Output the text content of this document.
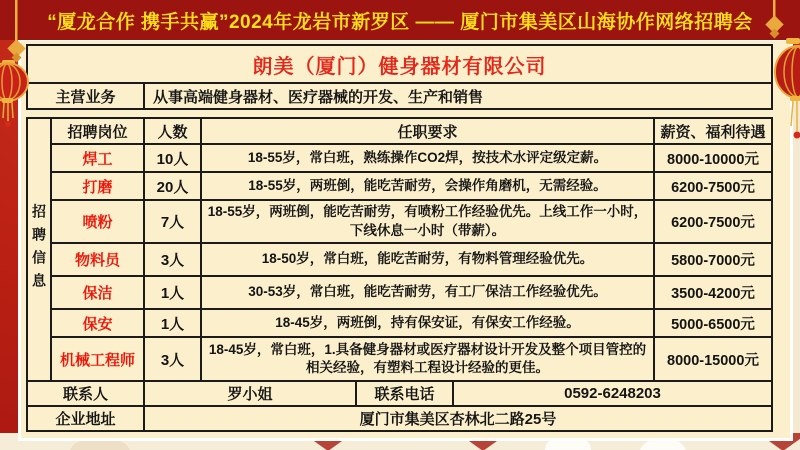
“厦龙合作 携手共赢”2024年龙岩市新罗区 —— 厦门市集美区山海协作网络招聘会
朗美（厦门）健身器材有限公司
主营业务	从事高端健身器材、医疗器械的开发、生产和销售
招聘信息	招聘岗位	人数	任职要求	薪资、福利待遇
	焊工	10人	18-55岁，常白班，熟练操作CO2焊，按技术水评定级定薪。	8000-10000元
	打磨	20人	18-55岁，两班倒，能吃苦耐劳，会操作角磨机，无需经验。	6200-7500元
	喷粉	7人	18-55岁，两班倒，能吃苦耐劳，有喷粉工作经验优先。上线工作一小时，下线休息一小时（带薪）。	6200-7500元
	物料员	3人	18-50岁，常白班，能吃苦耐劳，有物料管理经验优先。	5800-7000元
	保洁	1人	30-53岁，常白班，能吃苦耐劳，有工厂保洁工作经验优先。	3500-4200元
	保安	1人	18-45岁，两班倒，持有保安证，有保安工作经验。	5000-6500元
	机械工程师	3人	18-45岁，常白班，1.具备健身器材或医疗器材设计开发及整个项目管控的相关经验，有塑料工程设计经验的更佳。	8000-15000元
联系人	罗小姐	联系电话	0592-6248203
企业地址	厦门市集美区杏林北二路25号		
